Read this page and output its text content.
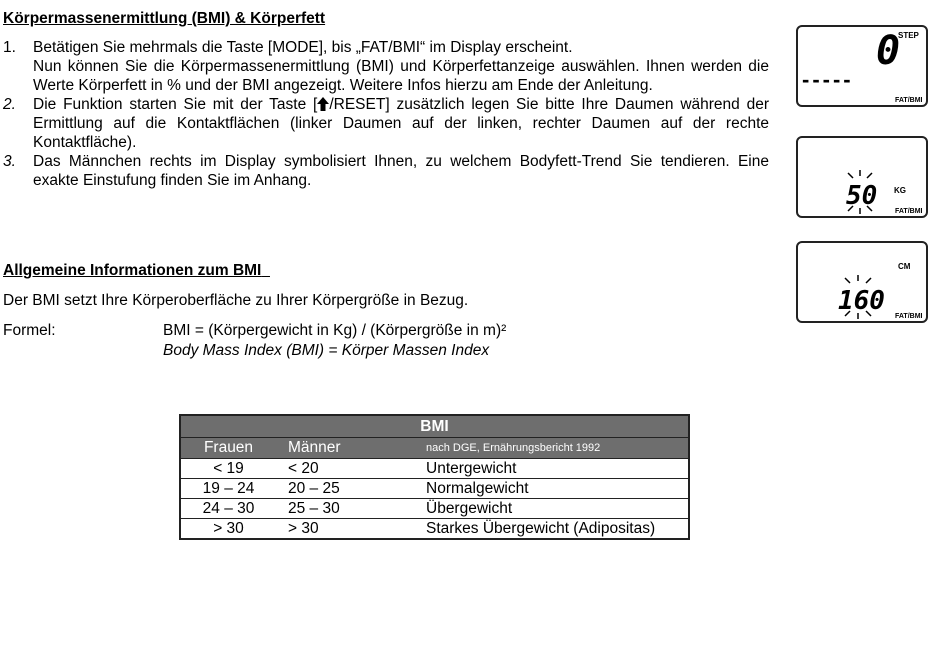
Körpermassenermittlung (BMI) & Körperfett
1.	Betätigen Sie mehrmals die Taste [MODE], bis „FAT/BMI“ im Display erscheint.
Nun können Sie die Körpermassenermittlung (BMI) und Körperfettanzeige auswählen. Ihnen werden die Werte Körperfett in % und der BMI angezeigt. Weitere Infos hierzu am Ende der Anleitung.
2.	Die Funktion starten Sie mit der Taste [ /RESET] zusätzlich legen Sie bitte Ihre Daumen während der Ermittlung auf die Kontaktflächen (linker Daumen auf der linken, rechter Daumen auf der rechte Kontaktfläche).
3.	Das Männchen rechts im Display symbolisiert Ihnen, zu welchem Bodyfett-Trend Sie tendieren. Eine exakte Einstufung finden Sie im Anhang.
Allgemeine Informationen zum BMI
Der BMI setzt Ihre Körperoberfläche zu Ihrer Körpergröße in Bezug.
Formel:	BMI = (Körpergewicht in Kg) / (Körpergröße in m)²
Body Mass Index (BMI) = Körper Massen Index
0
STEP
-----
FAT/BMI
50 KG
FAT/BMI
160
CM
FAT/BMI
BMI		
Frauen	Männer	nach DGE, Ernährungsbericht 1992
< 19	< 20	Untergewicht
19 – 24	20 – 25	Normalgewicht
24 – 30	25 – 30	Übergewicht
> 30	> 30	Starkes Übergewicht (Adipositas)
